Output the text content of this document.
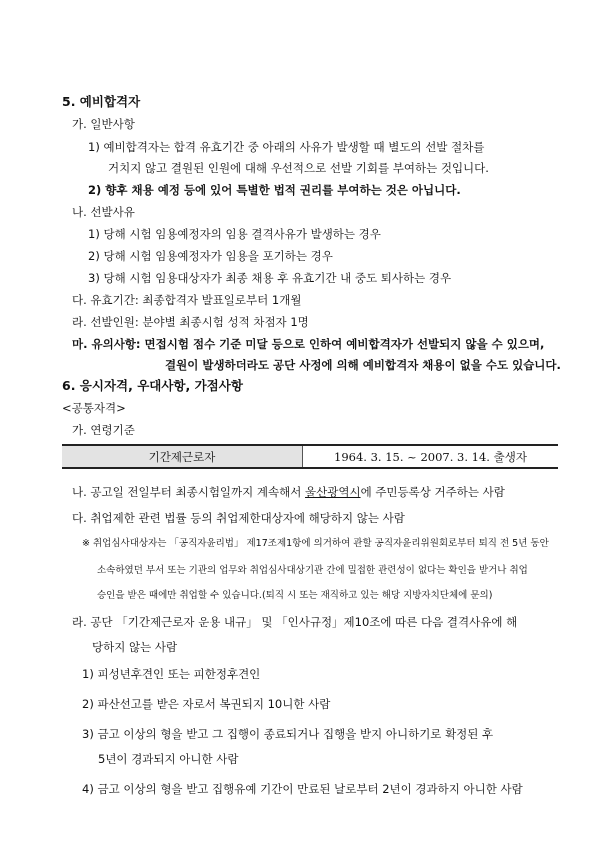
5. 예비합격자
가. 일반사항
1) 예비합격자는 합격 유효기간 중 아래의 사유가 발생할 때 별도의 선발 절차를
거치지 않고 결원된 인원에 대해 우선적으로 선발 기회를 부여하는 것입니다.
2) 향후 채용 예정 등에 있어 특별한 법적 권리를 부여하는 것은 아닙니다.
나. 선발사유
1) 당해 시험 임용예정자의 임용 결격사유가 발생하는 경우
2) 당해 시험 임용예정자가 임용을 포기하는 경우
3) 당해 시험 임용대상자가 최종 채용 후 유효기간 내 중도 퇴사하는 경우
다. 유효기간: 최종합격자 발표일로부터 1개월
라. 선발인원: 분야별 최종시험 성적 차점자 1명
마. 유의사항: 면접시험 점수 기준 미달 등으로 인하여 예비합격자가 선발되지 않을 수 있으며,
결원이 발생하더라도 공단 사정에 의해 예비합격자 채용이 없을 수도 있습니다.
6. 응시자격, 우대사항, 가점사항
<공통자격>
가. 연령기준
기간제근로자	1964. 3. 15. ~ 2007. 3. 14. 출생자
나. 공고일 전일부터 최종시험일까지 계속해서 울산광역시에 주민등록상 거주하는 사람
다. 취업제한 관련 법률 등의 취업제한대상자에 해당하지 않는 사람
※ 취업심사대상자는 「공직자윤리법」 제17조제1항에 의거하여 관할 공직자윤리위원회로부터 퇴직 전 5년 동안
소속하였던 부서 또는 기관의 업무와 취업심사대상기관 간에 밀접한 관련성이 없다는 확인을 받거나 취업
승인을 받은 때에만 취업할 수 있습니다.(퇴직 시 또는 재직하고 있는 해당 지방자치단체에 문의)
라. 공단 「기간제근로자 운용 내규」 및 「인사규정」제10조에 따른 다음 결격사유에 해
당하지 않는 사람
1) 피성년후견인 또는 피한정후견인
2) 파산선고를 받은 자로서 복권되지 10니한 사람
3) 금고 이상의 형을 받고 그 집행이 종료되거나 집행을 받지 아니하기로 확정된 후
5년이 경과되지 아니한 사람
4) 금고 이상의 형을 받고 집행유예 기간이 만료된 날로부터 2년이 경과하지 아니한 사람
